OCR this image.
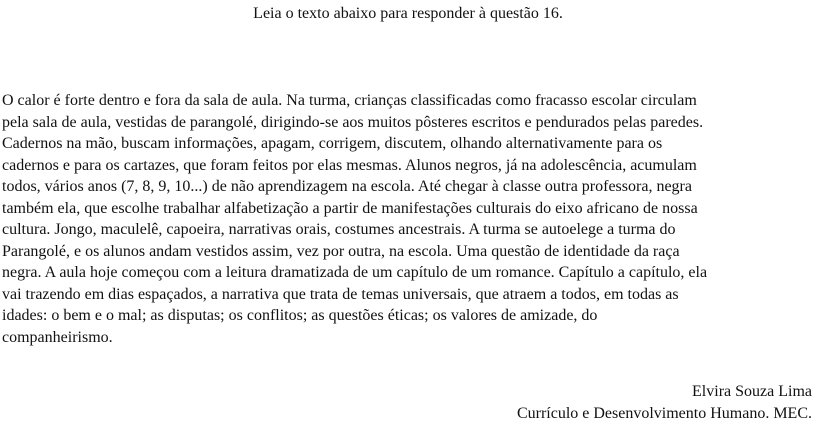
Leia o texto abaixo para responder à questão 16.
O calor é forte dentro e fora da sala de aula. Na turma, crianças classificadas como fracasso escolar circulam
pela sala de aula, vestidas de parangolé, dirigindo-se aos muitos pôsteres escritos e pendurados pelas paredes.
Cadernos na mão, buscam informações, apagam, corrigem, discutem, olhando alternativamente para os
cadernos e para os cartazes, que foram feitos por elas mesmas. Alunos negros, já na adolescência, acumulam
todos, vários anos (7, 8, 9, 10...) de não aprendizagem na escola. Até chegar à classe outra professora, negra
também ela, que escolhe trabalhar alfabetização a partir de manifestações culturais do eixo africano de nossa
cultura. Jongo, maculelê, capoeira, narrativas orais, costumes ancestrais. A turma se autoelege a turma do
Parangolé, e os alunos andam vestidos assim, vez por outra, na escola. Uma questão de identidade da raça
negra. A aula hoje começou com a leitura dramatizada de um capítulo de um romance. Capítulo a capítulo, ela
vai trazendo em dias espaçados, a narrativa que trata de temas universais, que atraem a todos, em todas as
idades: o bem e o mal; as disputas; os conflitos; as questões éticas; os valores de amizade, do
companheirismo.
Elvira Souza Lima
Currículo e Desenvolvimento Humano. MEC.
